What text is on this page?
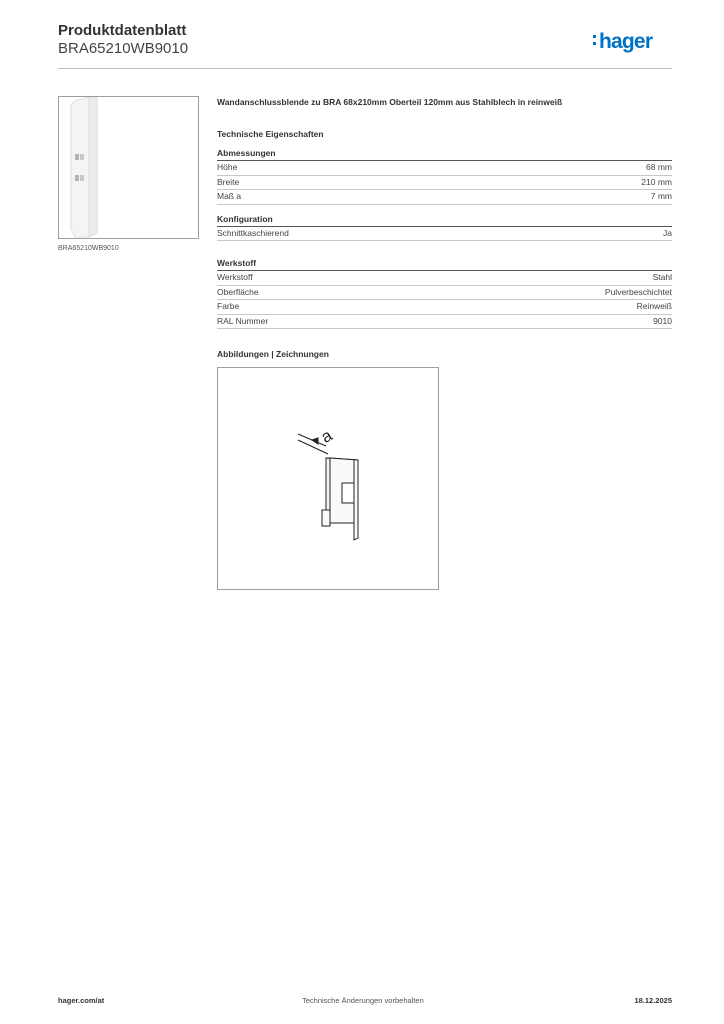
Produktdatenblatt
BRA65210WB9010	hager
BRA65210WB9010
Wandanschlussblende zu BRA 68x210mm Oberteil 120mm aus Stahlblech in reinweiß
Technische Eigenschaften
Abmessungen
Höhe	68 mm
Breite	210 mm
Maß a	7 mm
Konfiguration
Schnittkaschierend	Ja
Werkstoff
Werkstoff	Stahl
Oberfläche	Pulverbeschichtet
Farbe	Reinweiß
RAL Nummer	9010
Abbildungen | Zeichnungen
a
hager.com/at	Technische Änderungen vorbehalten	18.12.2025
